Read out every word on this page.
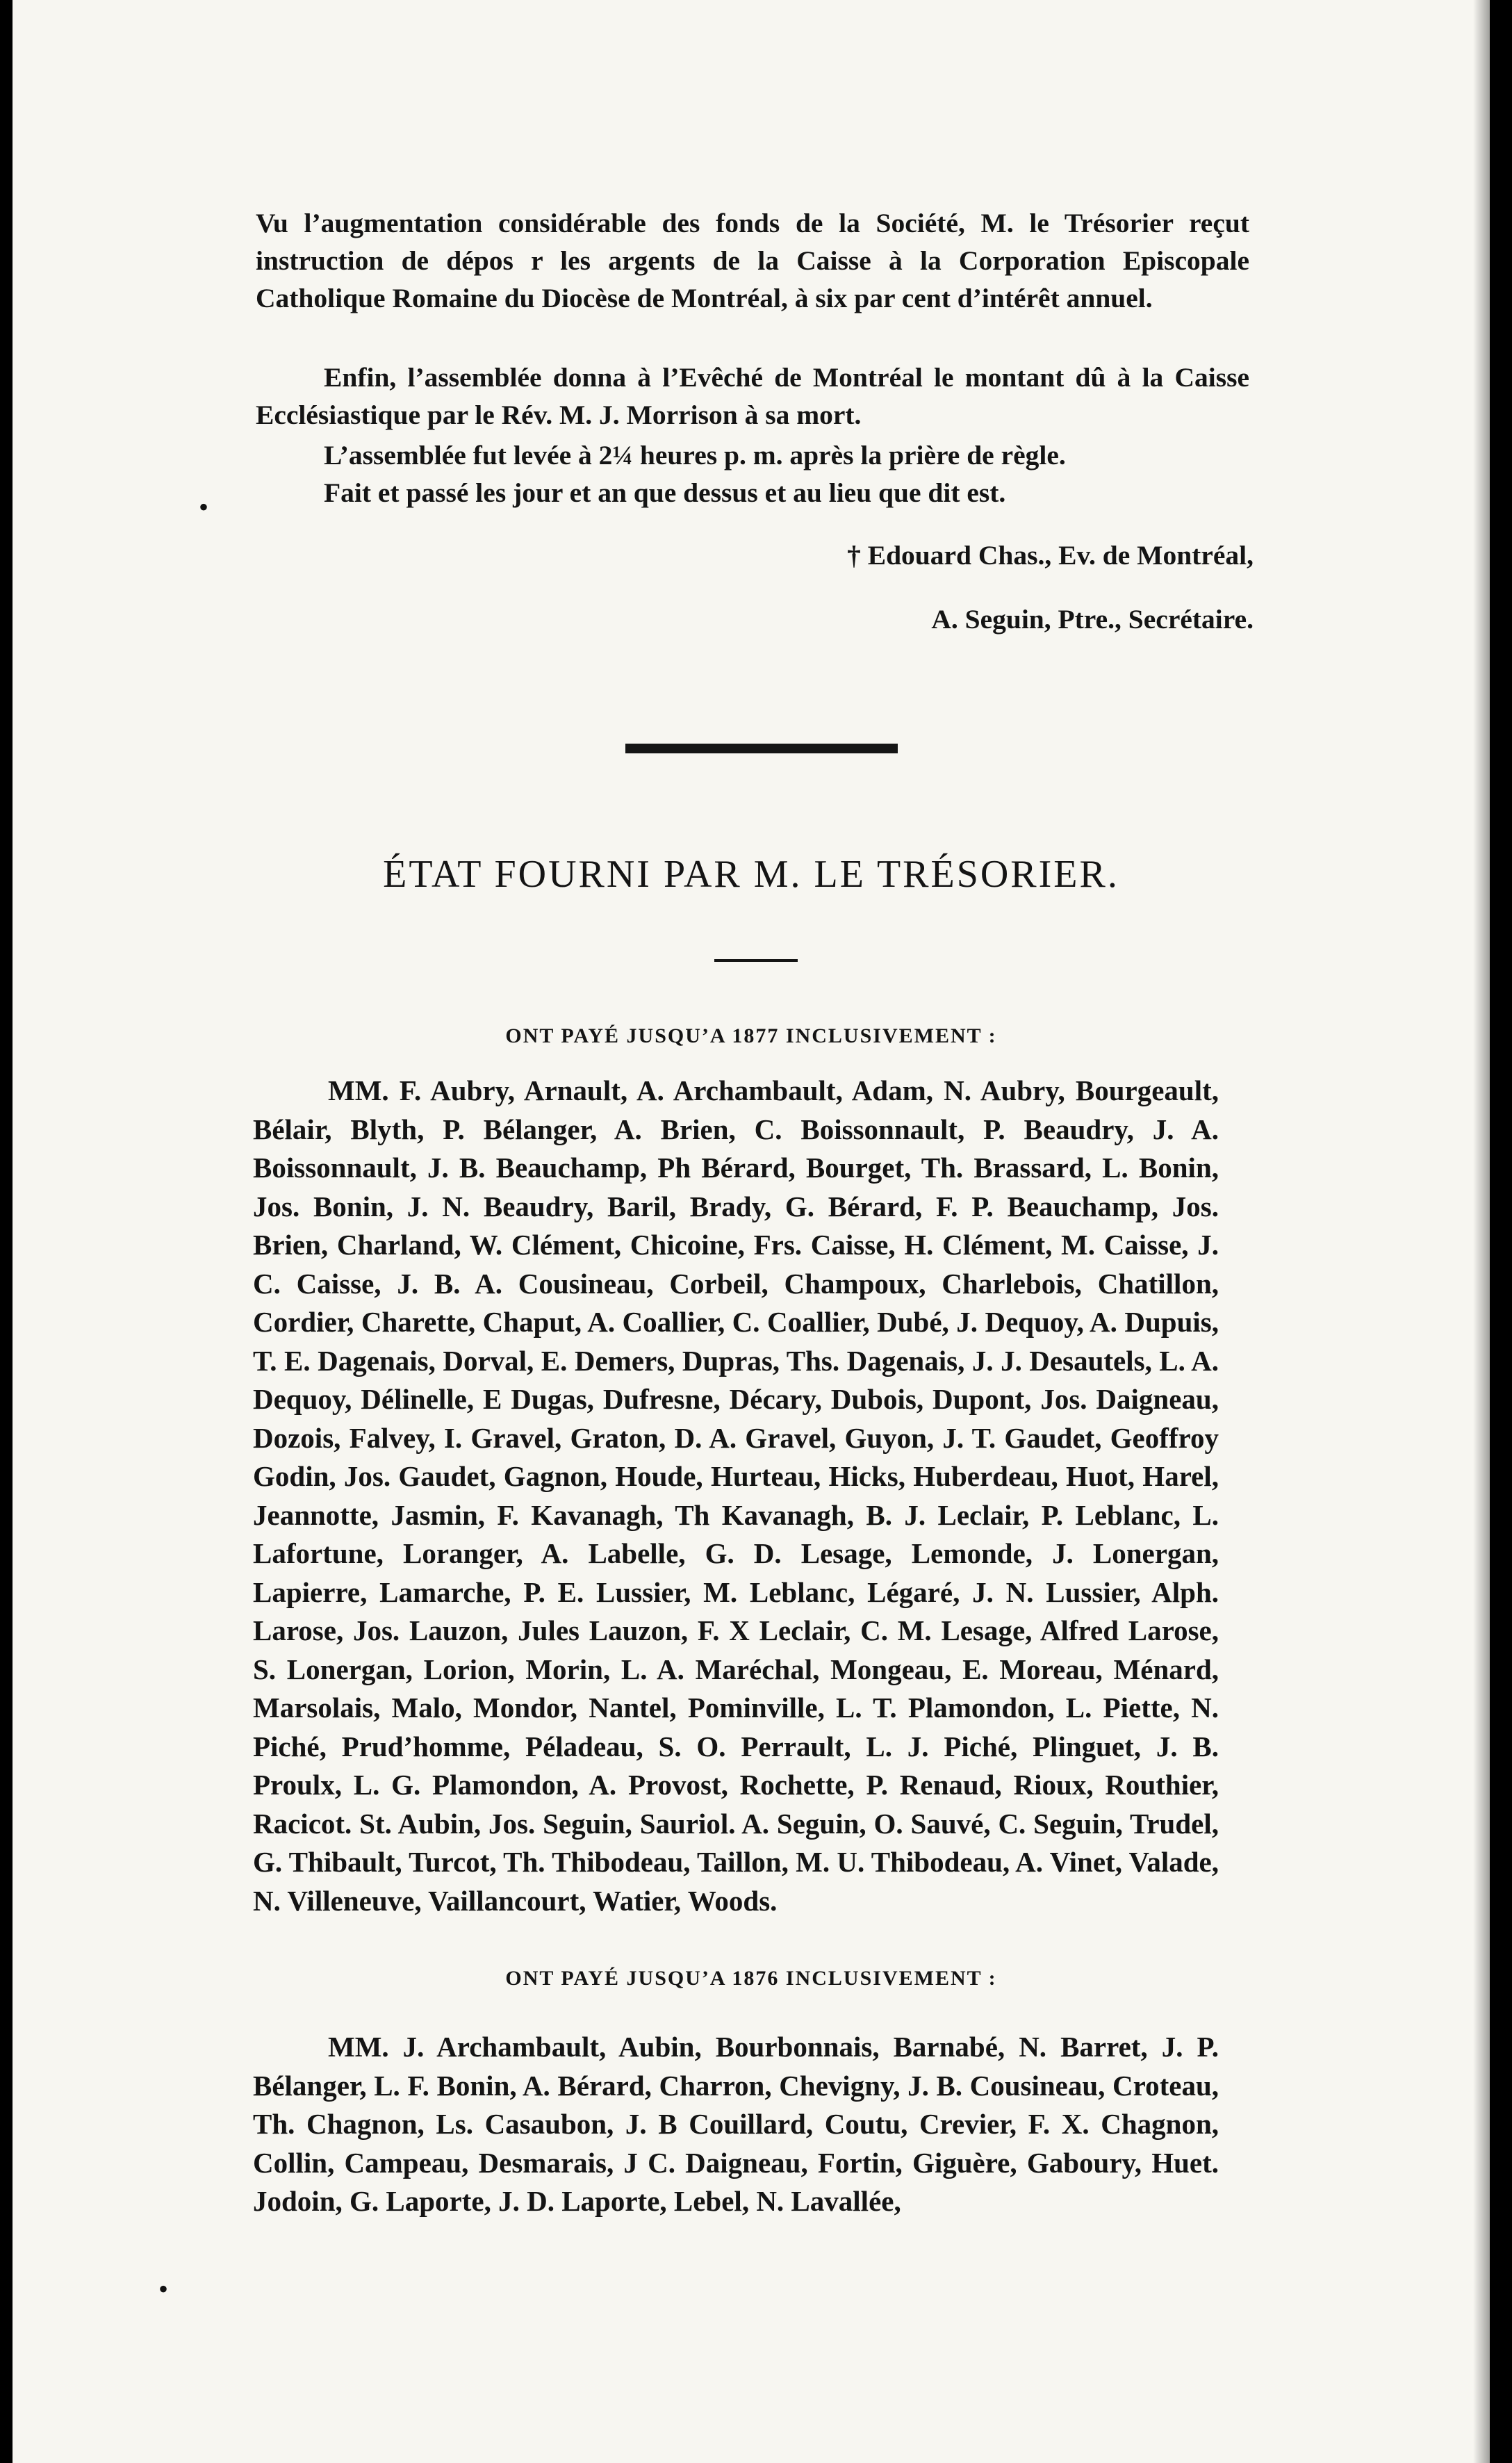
•
•

Vu l’augmentation considérable des fonds de la Société, M. le Trésorier reçut instruction de dépos r les argents de la Caisse à la Corporation Episcopale Catholique Romaine du Diocèse de Montréal, à six par cent d’intérêt annuel.

Enfin, l’assemblée donna à l’Evêché de Montréal le montant dû à la Caisse Ecclésiastique par le Rév. M. J. Morrison à sa mort.

L’assemblée fut levée à 2¼ heures p. m. après la prière de règle.

Fait et passé les jour et an que dessus et au lieu que dit est.

† Edouard Chas., Ev. de Montréal,

A. Seguin, Ptre., Secrétaire.

ÉTAT FOURNI PAR M. LE TRÉSORIER.
ONT PAYÉ JUSQU’A 1877 INCLUSIVEMENT :

MM. F. Aubry, Arnault, A. Archambault, Adam, N. Aubry, Bourgeault, Bélair, Blyth, P. Bélanger, A. Brien, C. Boissonnault, P. Beaudry, J. A. Boissonnault, J. B. Beauchamp, Ph Bérard, Bourget, Th. Brassard, L. Bonin, Jos. Bonin, J. N. Beaudry, Baril, Brady, G. Bérard, F. P. Beauchamp, Jos. Brien, Charland, W. Clément, Chicoine, Frs. Caisse, H. Clément, M. Caisse, J. C. Caisse, J. B. A. Cousineau, Corbeil, Champoux, Charlebois, Chatillon, Cordier, Charette, Chaput, A. Coallier, C. Coallier, Dubé, J. Dequoy, A. Dupuis, T. E. Dagenais, Dorval, E. Demers, Dupras, Ths. Dagenais, J. J. Desautels, L. A. Dequoy, Délinelle, E Dugas, Dufresne, Décary, Dubois, Dupont, Jos. Daigneau, Dozois, Falvey, I. Gravel, Graton, D. A. Gravel, Guyon, J. T. Gaudet, Geoffroy Godin, Jos. Gaudet, Gagnon, Houde, Hurteau, Hicks, Huberdeau, Huot, Harel, Jeannotte, Jasmin, F. Kavanagh, Th Kavanagh, B. J. Leclair, P. Leblanc, L. Lafortune, Loranger, A. Labelle, G. D. Lesage, Lemonde, J. Lonergan, Lapierre, Lamarche, P. E. Lussier, M. Leblanc, Légaré, J. N. Lussier, Alph. Larose, Jos. Lauzon, Jules Lauzon, F. X Leclair, C. M. Lesage, Alfred Larose, S. Lonergan, Lorion, Morin, L. A. Maréchal, Mongeau, E. Moreau, Ménard, Marsolais, Malo, Mondor, Nantel, Pominville, L. T. Plamondon, L. Piette, N. Piché, Prud’homme, Péladeau, S. O. Perrault, L. J. Piché, Plinguet, J. B. Proulx, L. G. Plamondon, A. Provost, Rochette, P. Renaud, Rioux, Routhier, Racicot. St. Aubin, Jos. Seguin, Sauriol. A. Seguin, O. Sauvé, C. Seguin, Trudel, G. Thibault, Turcot, Th. Thibodeau, Taillon, M. U. Thibodeau, A. Vinet, Valade, N. Villeneuve, Vaillancourt, Watier, Woods.

ONT PAYÉ JUSQU’A 1876 INCLUSIVEMENT :

MM. J. Archambault, Aubin, Bourbonnais, Barnabé, N. Barret, J. P. Bélanger, L. F. Bonin, A. Bérard, Charron, Chevigny, J. B. Cousineau, Croteau, Th. Chagnon, Ls. Casaubon, J. B Couillard, Coutu, Crevier, F. X. Chagnon, Collin, Campeau, Desmarais, J C. Daigneau, Fortin, Giguère, Gaboury, Huet. Jodoin, G. Laporte, J. D. Laporte, Lebel, N. Lavallée,
